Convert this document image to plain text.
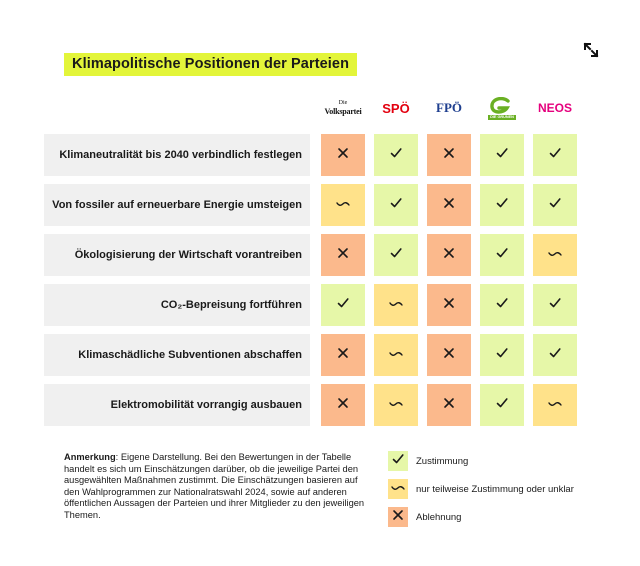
Klimapolitische Positionen der Parteien
Die
Volkspartei SPÖ FPÖ
DIE GRÜNEN
NEOS
Klimaneutralität bis 2040 verbindlich festlegen
Von fossiler auf erneuerbare Energie umsteigen
Ökologisierung der Wirtschaft vorantreiben
CO₂-Bepreisung fortführen
Klimaschädliche Subventionen abschaffen
Elektromobilität vorrangig ausbauen
Anmerkung: Eigene Darstellung. Bei den Bewertungen in der Tabelle handelt es sich um Einschätzungen darüber, ob die jeweilige Partei den ausgewählten Maßnahmen zustimmt. Die Einschätzungen basieren auf den Wahlprogrammen zur Nationalratswahl 2024, sowie auf anderen öffentlichen Aussagen der Parteien und ihrer Mitglieder zu den jeweiligen Themen.
Zustimmung
nur teilweise Zustimmung oder unklar
Ablehnung
